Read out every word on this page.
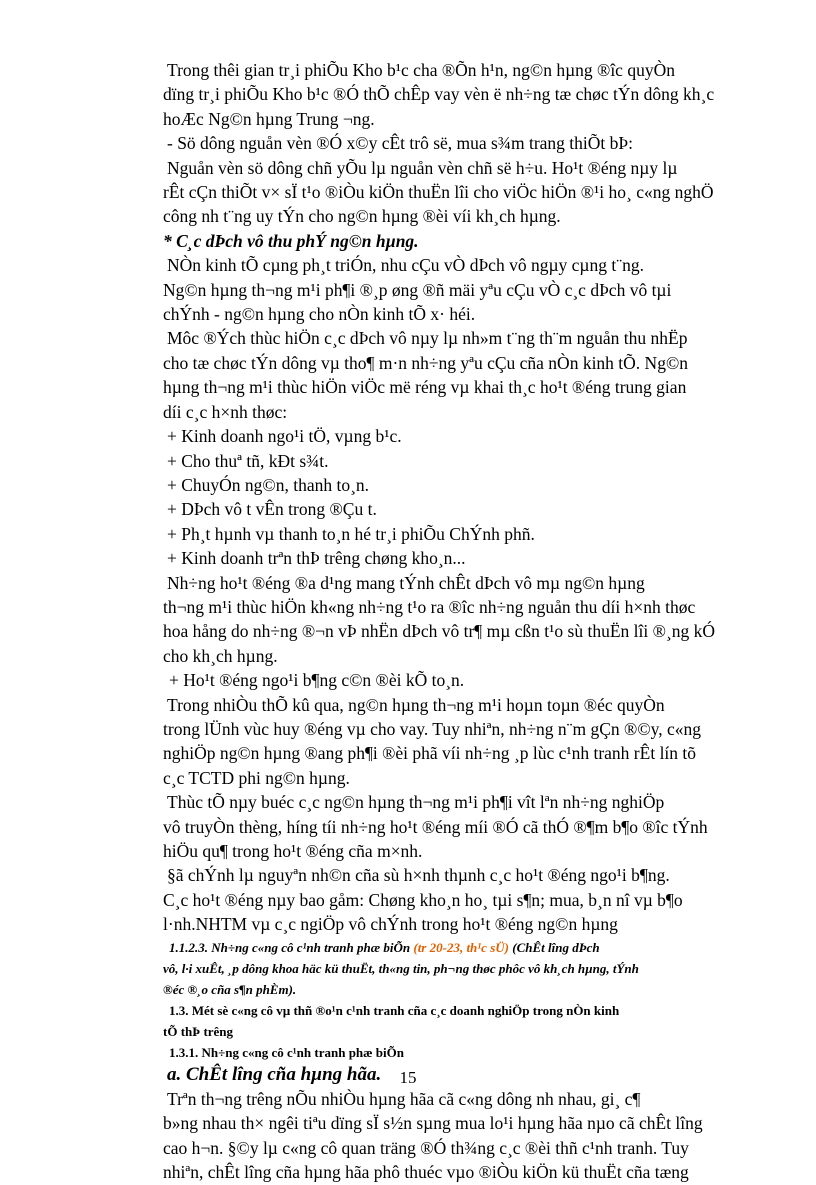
Trong thêi gian tr¸i phiÕu Kho b¹c cha ®Õn h¹n, ng©n hµng ®îc quyÒn

dïng tr¸i phiÕu Kho b¹c ®Ó thÕ chÊp vay vèn ë nh÷ng tæ chøc tÝn dông kh¸c

hoÆc Ng©n hµng Trung ¬ng.

- Sö dông nguån vèn ®Ó x©y cÊt trô së, mua s¾m trang thiÕt bÞ:

Nguån vèn sö dông chñ yÕu lµ nguån vèn chñ së h÷u. Ho¹t ®éng nµy lµ

rÊt cÇn thiÕt v× sÏ t¹o ®iÒu kiÖn thuËn lîi cho viÖc hiÖn ®¹i ho¸ c«ng nghÖ

công nh t¨ng uy tÝn cho ng©n hµng ®èi víi kh¸ch hµng.

* C¸c dÞch vô thu phÝ ng©n hµng.

NÒn kinh tÕ cµng ph¸t triÓn, nhu cÇu vÒ dÞch vô ngµy cµng t¨ng.

Ng©n hµng th¬ng m¹i ph¶i ®¸p øng ®ñ mäi yªu cÇu vÒ c¸c dÞch vô tµi

chÝnh - ng©n hµng cho nÒn kinh tÕ x· héi.

Môc ®Ých thùc hiÖn c¸c dÞch vô nµy lµ nh»m t¨ng th¨m nguån thu nhËp

cho tæ chøc tÝn dông vµ tho¶ m·n nh÷ng yªu cÇu cña nÒn kinh tÕ. Ng©n

hµng th¬ng m¹i thùc hiÖn viÖc më réng vµ khai th¸c ho¹t ®éng trung gian

díi c¸c h×nh thøc:

+ Kinh doanh ngo¹i tÖ, vµng b¹c.

+ Cho thuª tñ, kÐt s¾t.

+ ChuyÓn ng©n, thanh to¸n.

+ DÞch vô t vÊn trong ®Çu t.

+ Ph¸t hµnh vµ thanh to¸n hé tr¸i phiÕu ChÝnh phñ.

+ Kinh doanh trªn thÞ trêng chøng kho¸n...

Nh÷ng ho¹t ®éng ®a d¹ng mang tÝnh chÊt dÞch vô mµ ng©n hµng

th¬ng m¹i thùc hiÖn kh«ng nh÷ng t¹o ra ®îc nh÷ng nguån thu díi h×nh thøc

hoa hång do nh÷ng ®¬n vÞ nhËn dÞch vô tr¶ mµ cßn t¹o sù thuËn lîi ®¸ng kÓ

cho kh¸ch hµng.

+ Ho¹t ®éng ngo¹i b¶ng c©n ®èi kÕ to¸n.

Trong nhiÒu thÕ kû qua, ng©n hµng th¬ng m¹i hoµn toµn ®éc quyÒn

trong lÜnh vùc huy ®éng vµ cho vay. Tuy nhiªn, nh÷ng n¨m gÇn ®©y, c«ng

nghiÖp ng©n hµng ®ang ph¶i ®èi phã víi nh÷ng ¸p lùc c¹nh tranh rÊt lín tõ

c¸c TCTD phi ng©n hµng.

Thùc tÕ nµy buéc c¸c ng©n hµng th¬ng m¹i ph¶i vît lªn nh÷ng nghiÖp

vô truyÒn thèng, híng tíi nh÷ng ho¹t ®éng míi ®Ó cã thÓ ®¶m b¶o ®îc tÝnh

hiÖu qu¶ trong ho¹t ®éng cña m×nh.

§ã chÝnh lµ nguyªn nh©n cña sù h×nh thµnh c¸c ho¹t ®éng ngo¹i b¶ng.

C¸c ho¹t ®éng nµy bao gåm: Chøng kho¸n ho¸ tµi s¶n; mua, b¸n nî vµ b¶o

l·nh.NHTM vµ c¸c ngiÖp vô chÝnh trong ho¹t ®éng ng©n hµng

1.1.2.3. Nh÷ng c«ng cô c¹nh tranh phæ biÕn (tr 20-23, th¹c sÜ) (ChÊt lîng dÞch

vô, l·i xuÊt, ¸p dông khoa häc kü thuËt, th«ng tin, ph¬ng thøc phôc vô kh¸ch hµng, tÝnh

®éc ®¸o cña s¶n phÈm).

1.3. Mét sè c«ng cô vµ thñ ®o¹n c¹nh tranh cña c¸c doanh nghiÖp trong nÒn kinh

tÕ thÞ trêng

1.3.1. Nh÷ng c«ng cô c¹nh tranh phæ biÕn

a. ChÊt lîng cña hµng hãa.

Trªn th¬ng trêng nÕu nhiÒu hµng hãa cã c«ng dông nh nhau, gi¸ c¶

b»ng nhau th× ngêi tiªu dïng sÏ s½n sµng mua lo¹i hµng hãa nµo cã chÊt lîng

cao h¬n. §©y lµ c«ng cô quan träng ®Ó th¾ng c¸c ®èi thñ c¹nh tranh. Tuy

nhiªn, chÊt lîng cña hµng hãa phô thuéc vµo ®iÒu kiÖn kü thuËt cña tæng

15
